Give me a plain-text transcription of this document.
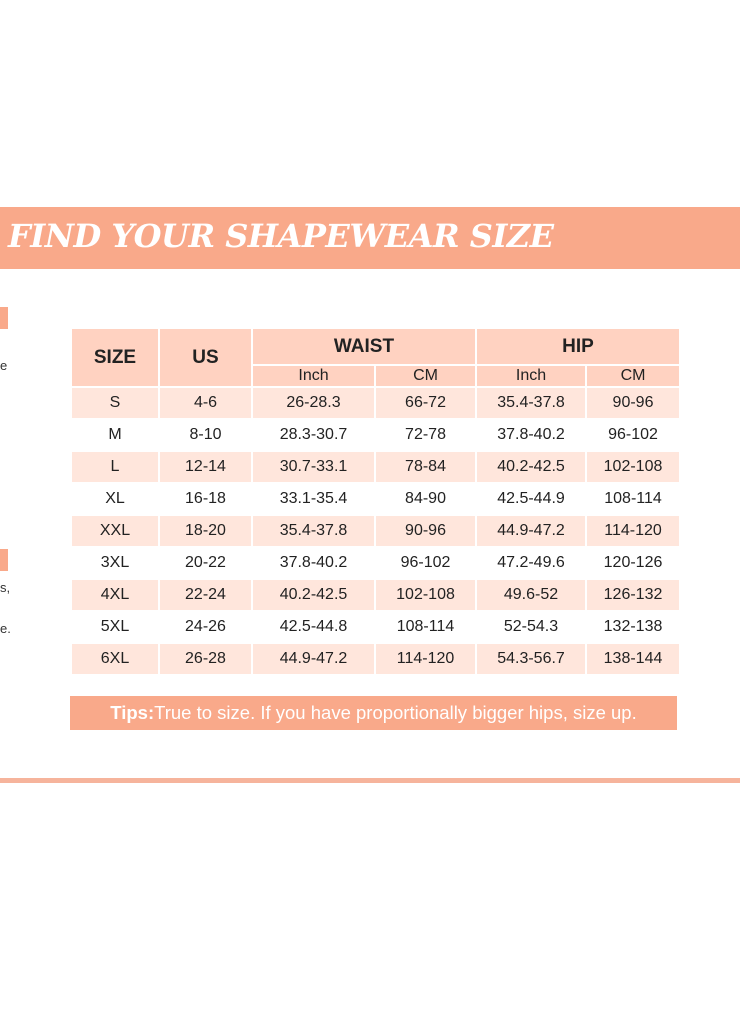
FIND YOUR SHAPEWEAR SIZE
e
s,
e.
SIZE	US	WAIST		HIP	
		Inch	CM	Inch	CM
S	4-6	26-28.3	66-72	35.4-37.8	90-96
M	8-10	28.3-30.7	72-78	37.8-40.2	96-102
L	12-14	30.7-33.1	78-84	40.2-42.5	102-108
XL	16-18	33.1-35.4	84-90	42.5-44.9	108-114
XXL	18-20	35.4-37.8	90-96	44.9-47.2	114-120
3XL	20-22	37.8-40.2	96-102	47.2-49.6	120-126
4XL	22-24	40.2-42.5	102-108	49.6-52	126-132
5XL	24-26	42.5-44.8	108-114	52-54.3	132-138
6XL	26-28	44.9-47.2	114-120	54.3-56.7	138-144
Tips:True to size. If you have proportionally bigger hips, size up.
